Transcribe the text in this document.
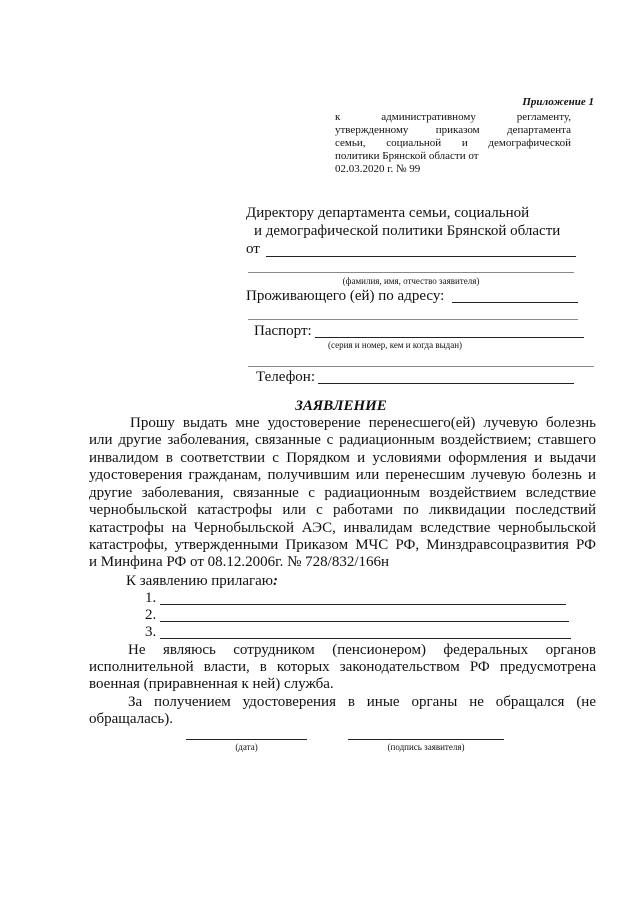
Приложение 1
к административному регламенту,
утвержденному приказом департамента
семьи, социальной и демографической
политики Брянской области от
02.03.2020 г. № 99
Директору департамента семьи, социальной
и демографической политики Брянской области
от
(фамилия, имя, отчество заявителя)
Проживающего (ей) по адресу:
Паспорт:
(серия и номер, кем и когда выдан)
Телефон:
ЗАЯВЛЕНИЕ
Прошу выдать мне удостоверение перенесшего(ей) лучевую болезнь
или другие заболевания, связанные с радиационным воздействием; ставшего
инвалидом в соответствии с Порядком и условиями оформления и выдачи
удостоверения гражданам, получившим или перенесшим лучевую болезнь и
другие заболевания, связанные с радиационным воздействием вследствие
чернобыльской катастрофы или с работами по ликвидации последствий
катастрофы на Чернобыльской АЭС, инвалидам вследствие чернобыльской
катастрофы, утвержденными Приказом МЧС РФ, Минздравсоцразвития РФ
и Минфина РФ от 08.12.2006г. № 728/832/166н
К заявлению прилагаю:
1.
2.
3.
Не являюсь сотрудником (пенсионером) федеральных органов
исполнительной власти, в которых законодательством РФ предусмотрена
военная (приравненная к ней) служба.
За получением удостоверения в иные органы не обращался (не
обращалась).
(дата)	(подпись заявителя)
